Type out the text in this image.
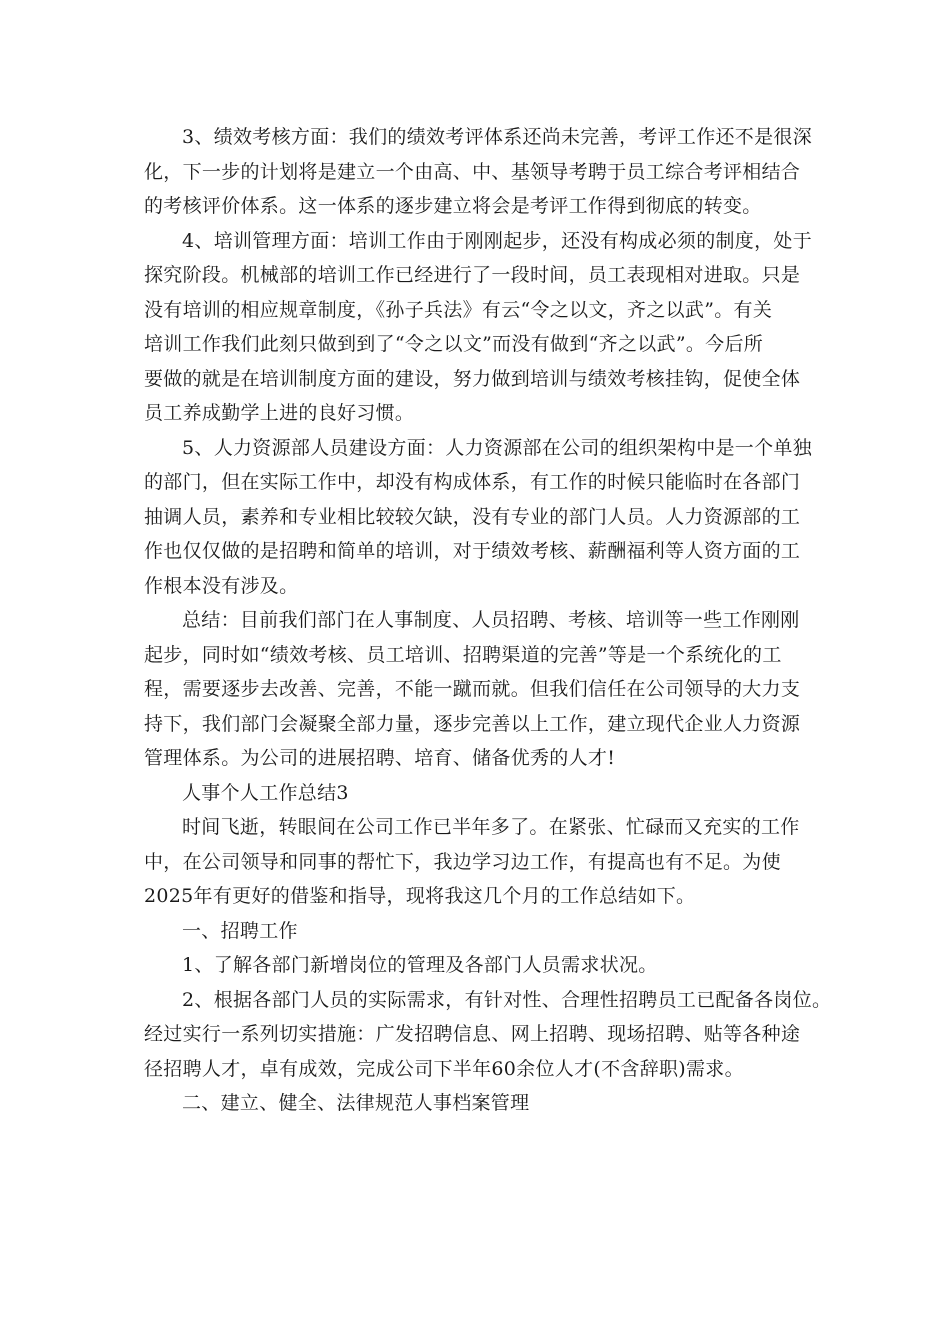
3、绩效考核方面：我们的绩效考评体系还尚未完善，考评工作还不是很深
化，下一步的计划将是建立一个由高、中、基领导考聘于员工综合考评相结合
的考核评价体系。这一体系的逐步建立将会是考评工作得到彻底的转变。
4、培训管理方面：培训工作由于刚刚起步，还没有构成必须的制度，处于
探究阶段。机械部的培训工作已经进行了一段时间，员工表现相对进取。只是
没有培训的相应规章制度，《孙子兵法》有云“令之以文，齐之以武”。有关
培训工作我们此刻只做到到了“令之以文”而没有做到“齐之以武”。今后所
要做的就是在培训制度方面的建设，努力做到培训与绩效考核挂钩，促使全体
员工养成勤学上进的良好习惯。
5、人力资源部人员建设方面：人力资源部在公司的组织架构中是一个单独
的部门，但在实际工作中，却没有构成体系，有工作的时候只能临时在各部门
抽调人员，素养和专业相比较较欠缺，没有专业的部门人员。人力资源部的工
作也仅仅做的是招聘和简单的培训，对于绩效考核、薪酬福利等人资方面的工
作根本没有涉及。
总结：目前我们部门在人事制度、人员招聘、考核、培训等一些工作刚刚
起步，同时如“绩效考核、员工培训、招聘渠道的完善”等是一个系统化的工
程，需要逐步去改善、完善，不能一蹴而就。但我们信任在公司领导的大力支
持下，我们部门会凝聚全部力量，逐步完善以上工作，建立现代企业人力资源
管理体系。为公司的进展招聘、培育、储备优秀的人才!
人事个人工作总结3
时间飞逝，转眼间在公司工作已半年多了。在紧张、忙碌而又充实的工作
中，在公司领导和同事的帮忙下，我边学习边工作，有提高也有不足。为使
2025年有更好的借鉴和指导，现将我这几个月的工作总结如下。
一、招聘工作
1、了解各部门新增岗位的管理及各部门人员需求状况。
2、根据各部门人员的实际需求，有针对性、合理性招聘员工已配备各岗位。
经过实行一系列切实措施：广发招聘信息、网上招聘、现场招聘、贴等各种途
径招聘人才，卓有成效，完成公司下半年60余位人才(不含辞职)需求。
二、建立、健全、法律规范人事档案管理
